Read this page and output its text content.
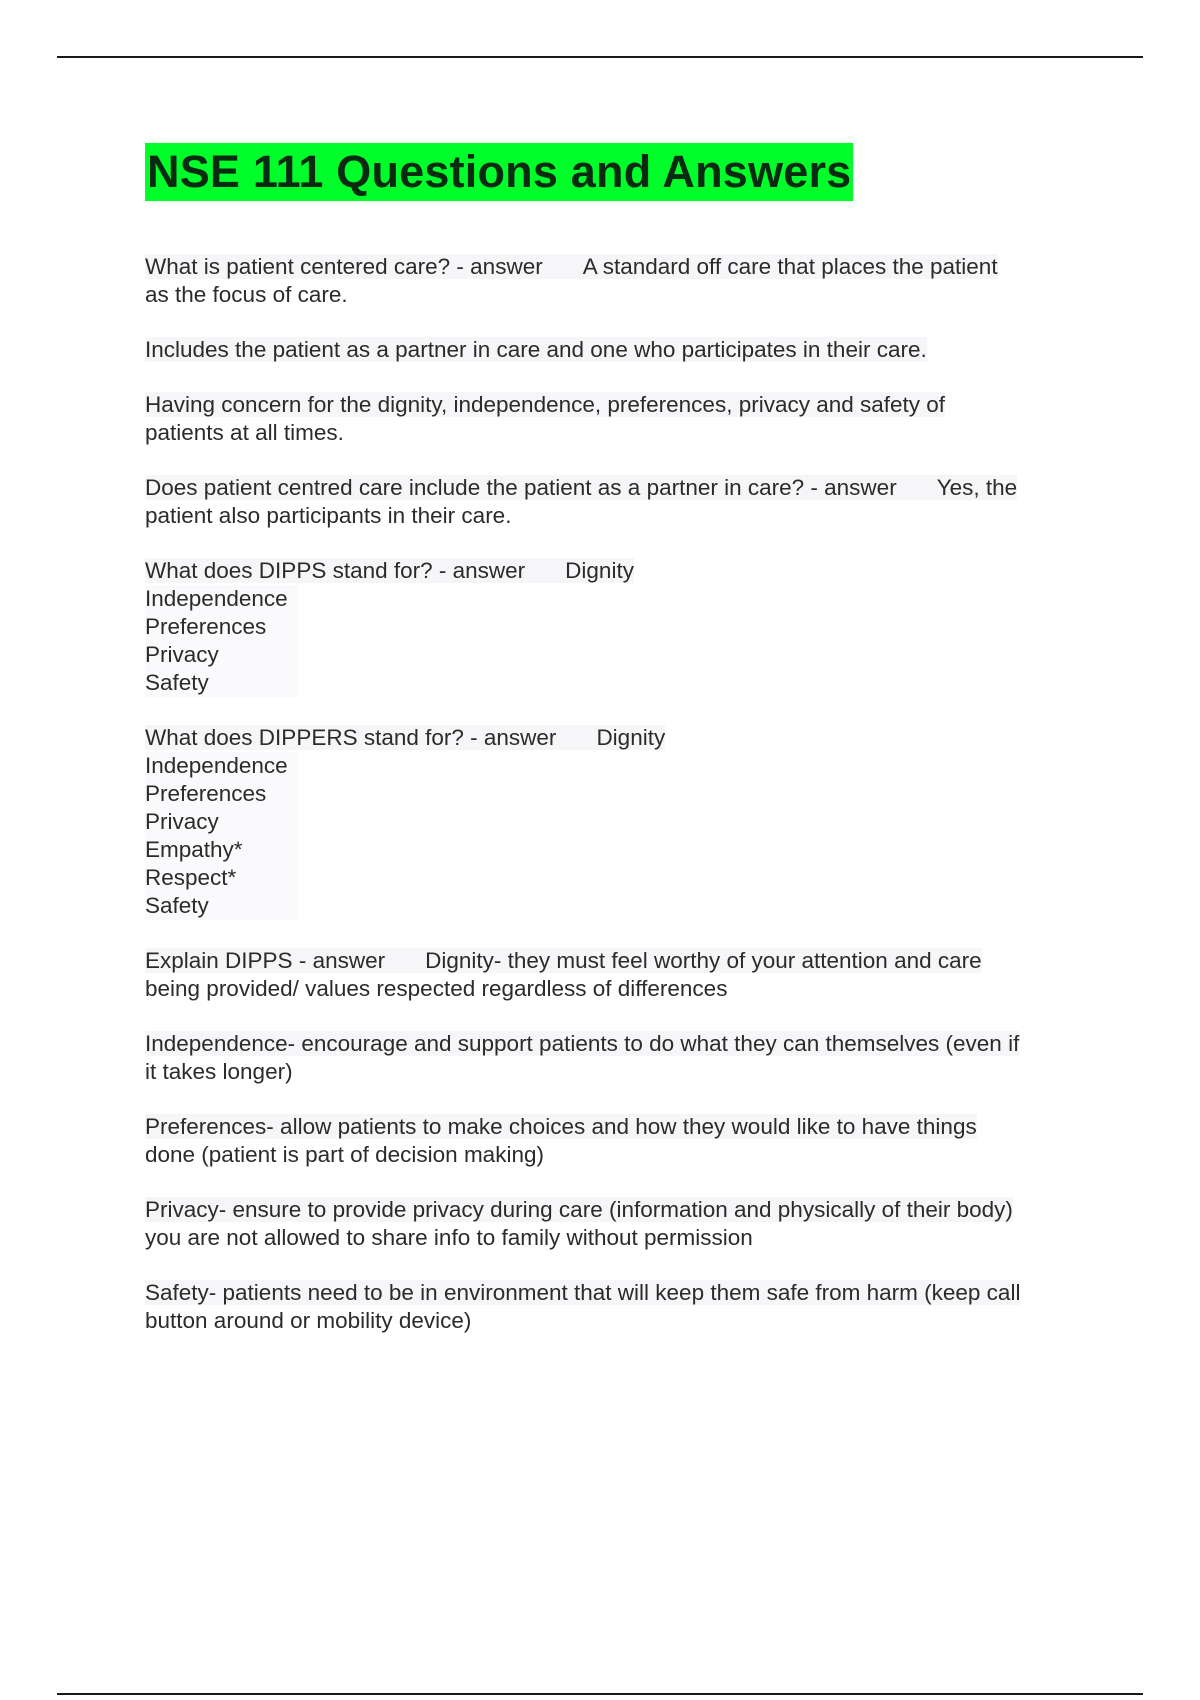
NSE 111 Questions and Answers

What is patient centered care? - answer A standard off care that places the patient
as the focus of care.

Includes the patient as a partner in care and one who participates in their care.

Having concern for the dignity, independence, preferences, privacy and safety of
patients at all times.

Does patient centred care include the patient as a partner in care? - answer Yes, the
patient also participants in their care.

What does DIPPS stand for? - answer Dignity
Independence
Preferences
Privacy
Safety

What does DIPPERS stand for? - answer Dignity
Independence
Preferences
Privacy
Empathy*
Respect*
Safety

Explain DIPPS - answer Dignity- they must feel worthy of your attention and care
being provided/ values respected regardless of differences

Independence- encourage and support patients to do what they can themselves (even if
it takes longer)

Preferences- allow patients to make choices and how they would like to have things
done (patient is part of decision making)

Privacy- ensure to provide privacy during care (information and physically of their body)
you are not allowed to share info to family without permission

Safety- patients need to be in environment that will keep them safe from harm (keep call
button around or mobility device)
